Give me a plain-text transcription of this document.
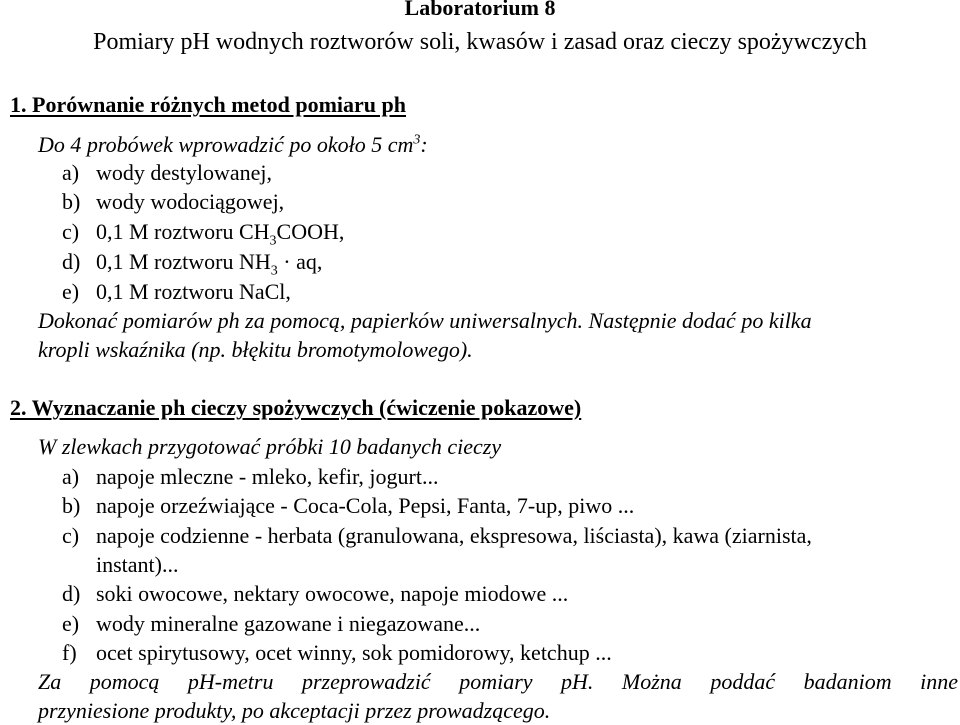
Laboratorium 8
Pomiary pH wodnych roztworów soli, kwasów i zasad oraz cieczy spożywczych
1. Porównanie różnych metod pomiaru ph
Do 4 probówek wprowadzić po około 5 $cm^3$:
a) wody destylowanej,
b) wody wodociągowej,
c) 0,1 M roztworu $CH_3COOH$,
d) 0,1 M roztworu $NH_3$ · aq,
e) 0,1 M roztworu NaCl,
Dokonać pomiarów ph za pomocą, papierków uniwersalnych. Następnie dodać po kilka
kropli wskaźnika (np. błękitu bromotymolowego).
2. Wyznaczanie ph cieczy spożywczych (ćwiczenie pokazowe)
W zlewkach przygotować próbki 10 badanych cieczy
a) napoje mleczne - mleko, kefir, jogurt...
b) napoje orzeźwiające - Coca-Cola, Pepsi, Fanta, 7-up, piwo ...
c) napoje codzienne - herbata (granulowana, ekspresowa, liściasta), kawa (ziarnista,
instant)...
d) soki owocowe, nektary owocowe, napoje miodowe ...
e) wody mineralne gazowane i niegazowane...
f) ocet spirytusowy, ocet winny, sok pomidorowy, ketchup ...
Za pomocą pH-metru przeprowadzić pomiary pH. Można poddać badaniom inne
przyniesione produkty, po akceptacji przez prowadzącego.
